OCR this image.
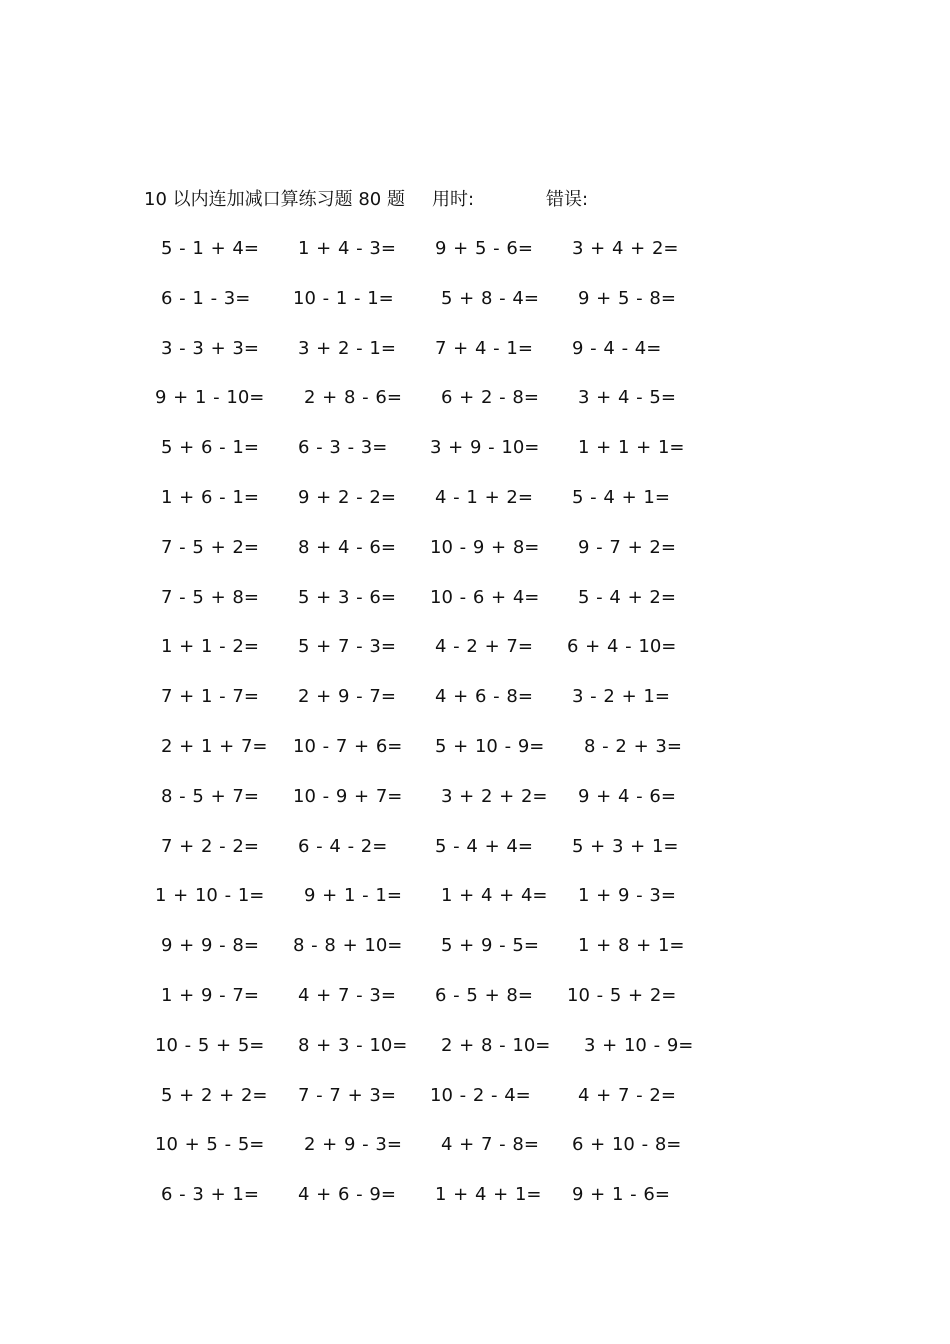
10 以内连加减口算练习题 80 题 用时:	错误:
5 - 1 + 4= 1 + 4 - 3= 9 + 5 - 6= 3 + 4 + 2=
6 - 1 - 3= 10 - 1 - 1=	5 + 8 - 4= 9 + 5 - 8=
3 - 3 + 3= 3 + 2 - 1= 7 + 4 - 1= 9 - 4 - 4=
9 + 1 - 10= 2 + 8 - 6= 6 + 2 - 8= 3 + 4 - 5=
5 + 6 - 1= 6 - 3 - 3= 3 + 9 - 10= 1 + 1 + 1=
1 + 6 - 1= 9 + 2 - 2= 4 - 1 + 2= 5 - 4 + 1=
7 - 5 + 2= 8 + 4 - 6= 10 - 9 + 8= 9 - 7 + 2=
7 - 5 + 8= 5 + 3 - 6= 10 - 6 + 4= 5 - 4 + 2=
1 + 1 - 2= 5 + 7 - 3= 4 - 2 + 7= 6 + 4 - 10=
7 + 1 - 7= 2 + 9 - 7= 4 + 6 - 8= 3 - 2 + 1=
2 + 1 + 7= 10 - 7 + 6= 5 + 10 - 9= 8 - 2 + 3=
8 - 5 + 7= 10 - 9 + 7= 3 + 2 + 2= 9 + 4 - 6=
7 + 2 - 2= 6 - 4 - 2=	5 - 4 + 4= 5 + 3 + 1=
1 + 10 - 1= 9 + 1 - 1= 1 + 4 + 4= 1 + 9 - 3=
9 + 9 - 8= 8 - 8 + 10= 5 + 9 - 5= 1 + 8 + 1=
1 + 9 - 7= 4 + 7 - 3= 6 - 5 + 8= 10 - 5 + 2=
10 - 5 + 5= 8 + 3 - 10= 2 + 8 - 10= 3 + 10 - 9=
5 + 2 + 2= 7 - 7 + 3= 10 - 2 - 4=	4 + 7 - 2=
10 + 5 - 5= 2 + 9 - 3= 4 + 7 - 8= 6 + 10 - 8=
6 - 3 + 1= 4 + 6 - 9= 1 + 4 + 1= 9 + 1 - 6=
